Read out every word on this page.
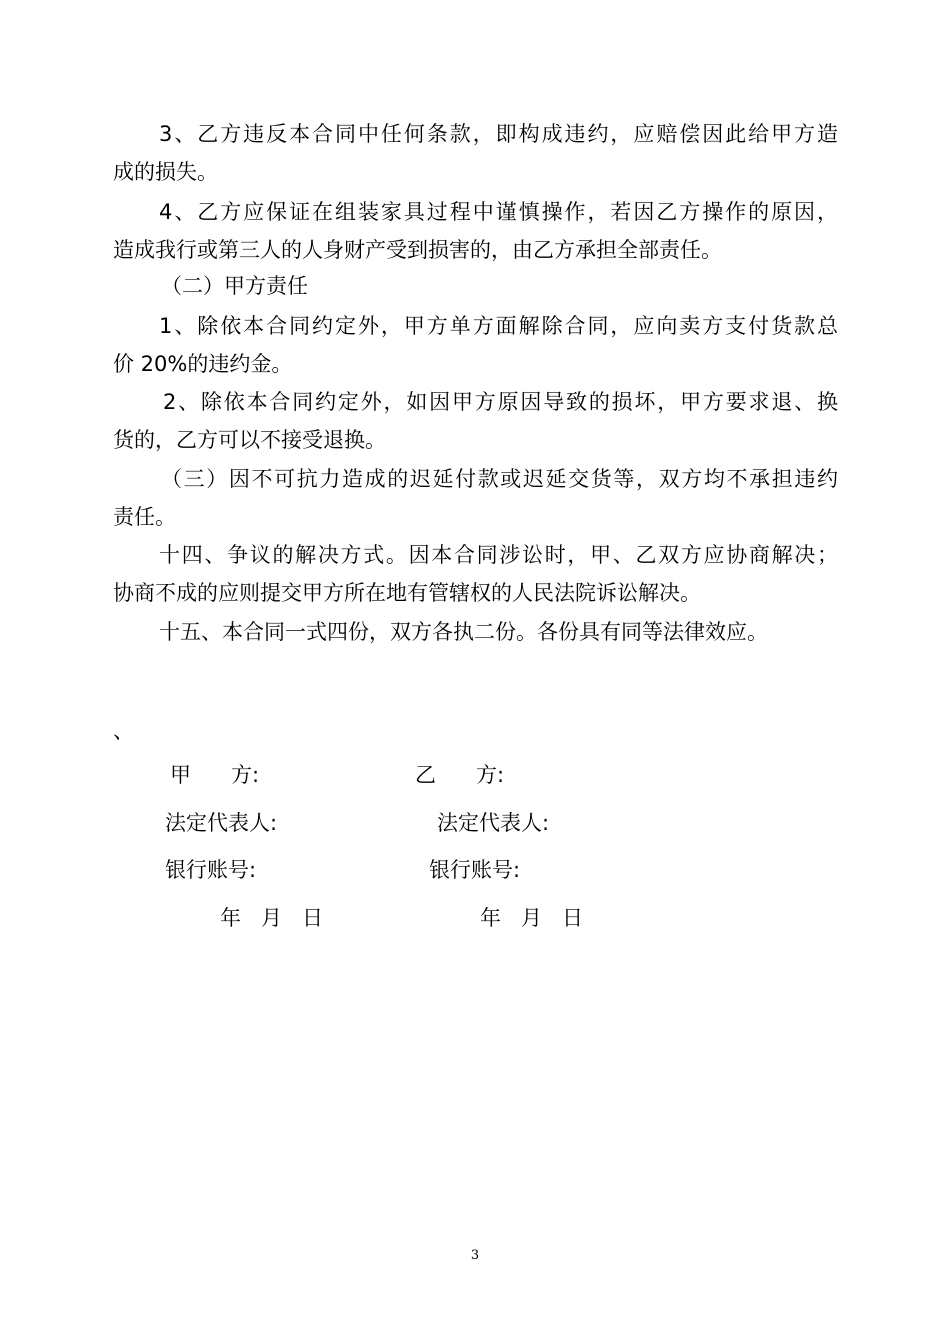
3、乙方违反本合同中任何条款，即构成违约，应赔偿因此给甲方造
成的损失。
4、乙方应保证在组装家具过程中谨慎操作，若因乙方操作的原因，
造成我行或第三人的人身财产受到损害的，由乙方承担全部责任。
（二）甲方责任
1、除依本合同约定外，甲方单方面解除合同，应向卖方支付货款总
价 20%的违约金。
2、除依本合同约定外，如因甲方原因导致的损坏，甲方要求退、换
货的，乙方可以不接受退换。
（三）因不可抗力造成的迟延付款或迟延交货等，双方均不承担违约
责任。
十四、争议的解决方式。因本合同涉讼时，甲、乙双方应协商解决；
协商不成的应则提交甲方所在地有管辖权的人民法院诉讼解决。
十五、本合同一式四份，双方各执二份。各份具有同等法律效应。
、
甲      方:
法定代表人:
银行账号:
年   月   日
乙      方:
法定代表人:
银行账号:
年   月   日
3
